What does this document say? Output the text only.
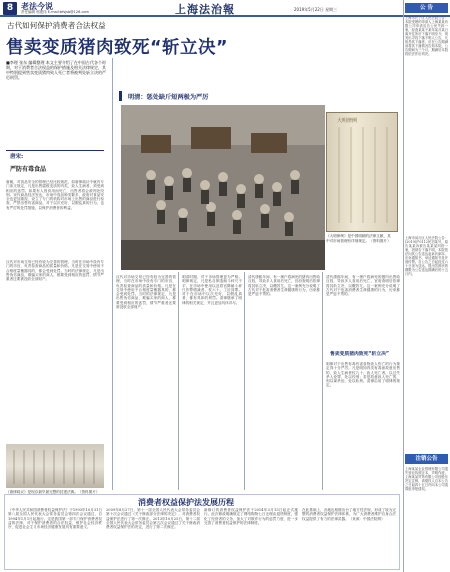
8 老法今说
责任编辑 邢建伟 E-mail:bfsjsb@126.com	上海法治報	2019年5月22日 星期三
古代如何保护消费者合法权益
售卖变质猪肉致死“斩立决”
■李理 张东 编辑整理 本文主要介绍了在中国古代各个时期，对于消费者合法权益的保护措施及相关法律规定，其中特别提到售卖变质猪肉致人死亡者将被判处斩立决的严厉刑罚。
唐宋:
严防有毒食品
唐朝，对食品安全的管理已经比较规范，如唐律疏议中就有专门条文规定，凡是出售腐败变质的肉类，致人生病者，须受到相应的惩罚。如果有人因食用而死亡，出售者将会被判处绞刑。宋代商品经济发达，市场中食品种类繁多，政府对食品安全也更加重视，设立了专门的机构对市场上出售的商品进行检查，严禁出售有害商品。对于以次充好、以假乱真的行为，也有严厉的处罚措施，以保护消费者的利益。
汉代对市场交易已经有较为完善的管理，当时在市场中设有专门的市官，负责检查商品的质量和价格。凡是在交易中使用不合格度量衡器具的，都会受到处罚。当时的法律规定，凡是出售伪劣商品，欺骗买家的商人，都要受到相应的惩罚，情节严重者还要被没收全部财产。
明清：惩处缺斤短两极为严厉
大明律例
《大明律例》是中国明朝的法律文献，其中对市场管理有详细规定。（资料图片）
汉代对市场交易已经有较为完善的管理，当时在市场中设有专门的市官，负责检查商品的质量和价格。凡是在交易中使用不合格度量衡器具的，都会受到处罚。当时的法律规定，凡是出售伪劣商品，欺骗买家的商人，都要受到相应的惩罚，情节严重者还要被没收全部财产。
明清时期，对于市场管理更为严格。明律规定，凡是私自制造斛斗秤尺不平，在市场中使用以及将官降斛斗秤尺作弊增减者，杖六十。工匠同罪。对于在市场中以次充好，以假乱真者，都有具体的刑罚。清律继承了明律的相关规定，并且更加具体详尽。
清代康熙年间，有一屠户将病死的猪肉出售给百姓，导致多人食用后死亡，官府查明后依律将其斩立决，以儆效尤。这一案例充分说明了古代对于危害消费者生命健康的行为，历来都是严惩不贷的。
售卖变质猪肉致死“斩立决”
清代康熙年间，有一屠户将病死的猪肉出售给百姓，导致多人食用后死亡，官府查明后依律将其斩立决，以儆效尤。这一案例充分说明了古代对于危害消费者生命健康的行为，历来都是严惩不贷的。
明律对于出售有毒有害食物致人伤亡的行为规定得十分严厉。凡是明知肉类有毒而故意出售的，致人生病者杖九十；致人死亡者，以过失杀人论罪，处以绞刑；若是故意致人死亡的，则以谋杀论，处以斩刑。清律沿用了明律的规定。
《唐律疏议》是现存最早最完整的封建法典。（资料图片）
公 告
上海市长宁区人民法院公告：本院受理的申请人上海某某有限公司申请宣告公民失踪一案，经查某某于某年某月某日离开住所后下落不明至今，现发出寻找下落不明人公告，凡知悉其下落者，应在公告期满前将其下落情况告知本院。公告期间为三个月，期满后本院将依法作出判决。
上海市闵行区人民法院公告：(2019)沪0112民初某号，原告某某诉被告某某某纠纷一案，因被告下落不明，本院依法向其公告送达起诉状副本、应诉通知书、举证通知书及开庭传票。自公告之日起经过六十日视为送达，提出答辩状的期限为公告送达期满后的十五日内。
注销公告
上海某某企业管理有限公司遗失营业执照正本，声明作废。上海某某贸易有限公司经股东决定注销，请债权人自本公告之日起四十五日内向本公司清算组申报债权。
消费者权益保护法发展历程
《中华人民共和国消费者权益保护法》于1993年10月31日第八届全国人民代表大会常务委员会第四次会议通过，自1994年1月1日起施行。这是我国第一部专门保护消费者权益的法律，对于保护消费者的合法权益，维护社会经济秩序，促进社会主义市场经济健康发展具有重要意义。
2009年8月27日，第十一届全国人民代表大会常务委员会第十次会议通过《关于修改部分法律的决定》，对消费者权益保护法进行了第一次修正。2013年10月25日，第十二届全国人民代表大会常务委员会第五次会议通过了关于修改消费者权益保护法的决定，进行了第二次修正。
新修订的消费者权益保护法于2014年3月15日起正式施行。此次修改明确规定了网络购物七日无理由退货制度，强化了经营者的义务，加大了对欺诈行为的惩罚力度，进一步完善了消费者权益保护的法律制度。
在此基础上，各地也相继出台了地方性法规，形成了较为完整的消费者权益保护法律体系，为广大消费者维护自身合法权益提供了有力的法律武器。（来源：中国法院网）
